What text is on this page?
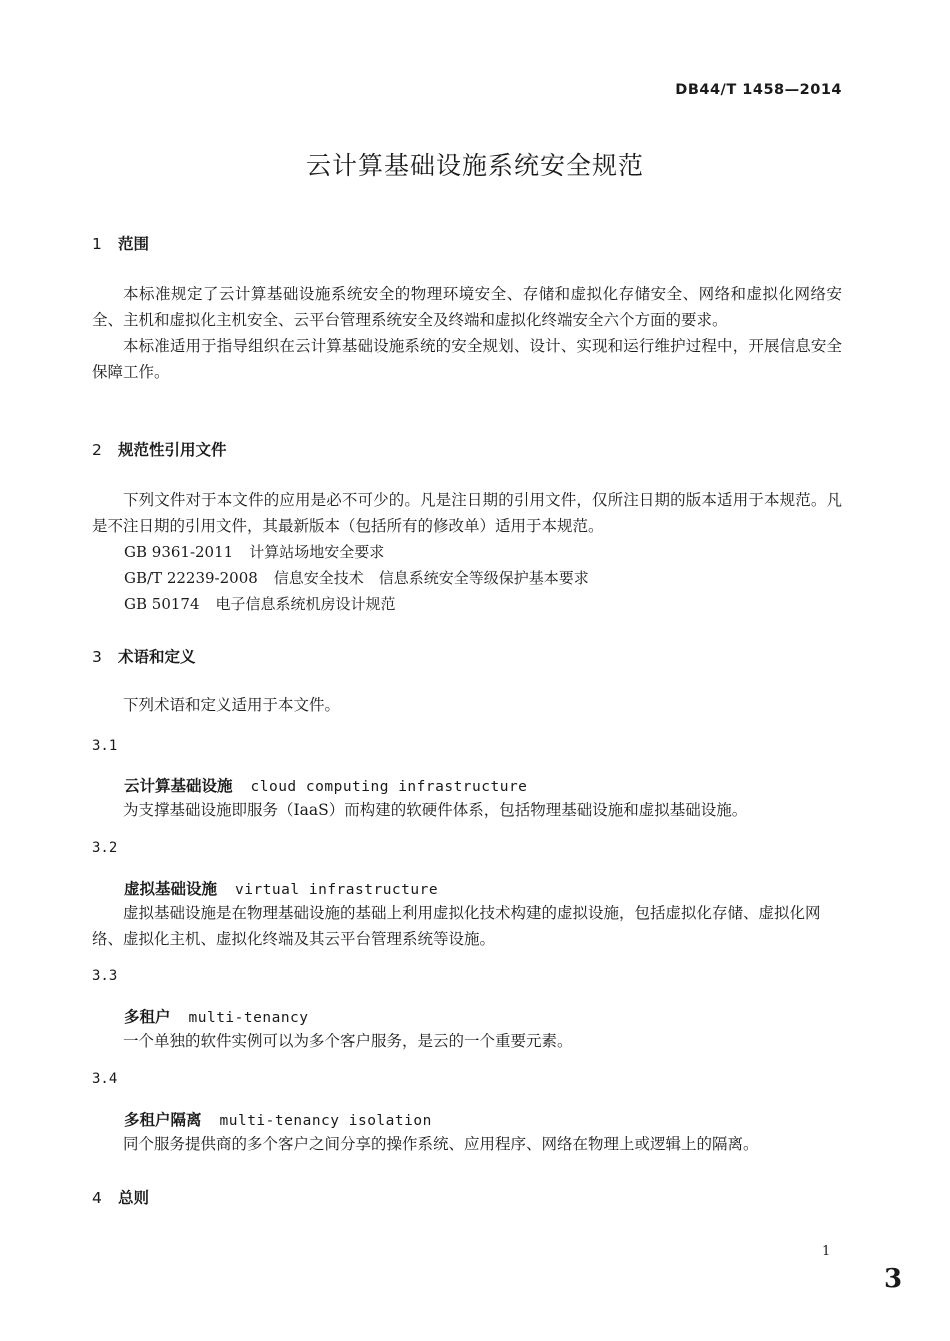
DB44/T 1458—2014
云计算基础设施系统安全规范
1 范围

本标准规定了云计算基础设施系统安全的物理环境安全、存储和虚拟化存储安全、网络和虚拟化网络安全、主机和虚拟化主机安全、云平台管理系统安全及终端和虚拟化终端安全六个方面的要求。

本标准适用于指导组织在云计算基础设施系统的安全规划、设计、实现和运行维护过程中，开展信息安全保障工作。

2 规范性引用文件

下列文件对于本文件的应用是必不可少的。凡是注日期的引用文件，仅所注日期的版本适用于本规范。凡是不注日期的引用文件，其最新版本（包括所有的修改单）适用于本规范。

GB 9361-2011 计算站场地安全要求
GB/T 22239-2008 信息安全技术　信息系统安全等级保护基本要求
GB 50174 电子信息系统机房设计规范
3 术语和定义

下列术语和定义适用于本文件。

3.1
云计算基础设施 cloud computing infrastructure

为支撑基础设施即服务（IaaS）而构建的软硬件体系，包括物理基础设施和虚拟基础设施。

3.2
虚拟基础设施 virtual infrastructure

虚拟基础设施是在物理基础设施的基础上利用虚拟化技术构建的虚拟设施，包括虚拟化存储、虚拟化网络、虚拟化主机、虚拟化终端及其云平台管理系统等设施。

3.3
多租户 multi-tenancy

一个单独的软件实例可以为多个客户服务，是云的一个重要元素。

3.4
多租户隔离 multi-tenancy isolation

同个服务提供商的多个客户之间分享的操作系统、应用程序、网络在物理上或逻辑上的隔离。

4 总则
1
3
